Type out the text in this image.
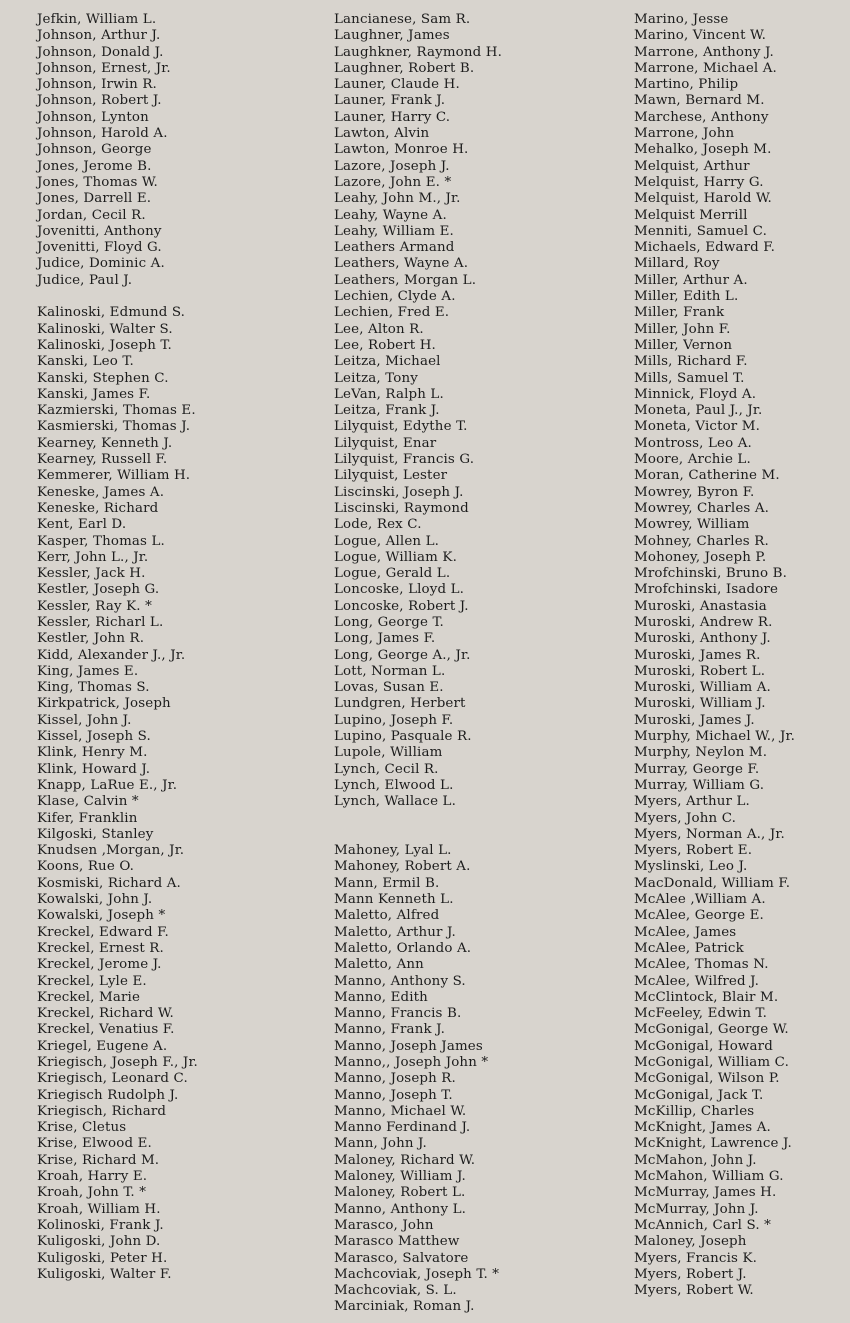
Jefkin, William L.
Johnson, Arthur J.
Johnson, Donald J.
Johnson, Ernest, Jr.
Johnson, Irwin R.
Johnson, Robert J.
Johnson, Lynton
Johnson, Harold A.
Johnson, George
Jones, Jerome B.
Jones, Thomas W.
Jones, Darrell E.
Jordan, Cecil R.
Jovenitti, Anthony
Jovenitti, Floyd G.
Judice, Dominic A.
Judice, Paul J.
Kalinoski, Edmund S.
Kalinoski, Walter S.
Kalinoski, Joseph T.
Kanski, Leo T.
Kanski, Stephen C.
Kanski, James F.
Kazmierski, Thomas E.
Kasmierski, Thomas J.
Kearney, Kenneth J.
Kearney, Russell F.
Kemmerer, William H.
Keneske, James A.
Keneske, Richard
Kent, Earl D.
Kasper, Thomas L.
Kerr, John L., Jr.
Kessler, Jack H.
Kestler, Joseph G.
Kessler, Ray K. *
Kessler, Richarl L.
Kestler, John R.
Kidd, Alexander J., Jr.
King, James E.
King, Thomas S.
Kirkpatrick, Joseph
Kissel, John J.
Kissel, Joseph S.
Klink, Henry M.
Klink, Howard J.
Knapp, LaRue E., Jr.
Klase, Calvin *
Kifer, Franklin
Kilgoski, Stanley
Knudsen ,Morgan, Jr.
Koons, Rue O.
Kosmiski, Richard A.
Kowalski, John J.
Kowalski, Joseph *
Kreckel, Edward F.
Kreckel, Ernest R.
Kreckel, Jerome J.
Kreckel, Lyle E.
Kreckel, Marie
Kreckel, Richard W.
Kreckel, Venatius F.
Kriegel, Eugene A.
Kriegisch, Joseph F., Jr.
Kriegisch, Leonard C.
Kriegisch Rudolph J.
Kriegisch, Richard
Krise, Cletus
Krise, Elwood E.
Krise, Richard M.
Kroah, Harry E.
Kroah, John T. *
Kroah, William H.
Kolinoski, Frank J.
Kuligoski, John D.
Kuligoski, Peter H.
Kuligoski, Walter F.
Lancianese, Sam R.
Laughner, James
Laughkner, Raymond H.
Laughner, Robert B.
Launer, Claude H.
Launer, Frank J.
Launer, Harry C.
Lawton, Alvin
Lawton, Monroe H.
Lazore, Joseph J.
Lazore, John E. *
Leahy, John M., Jr.
Leahy, Wayne A.
Leahy, William E.
Leathers Armand
Leathers, Wayne A.
Leathers, Morgan L.
Lechien, Clyde A.
Lechien, Fred E.
Lee, Alton R.
Lee, Robert H.
Leitza, Michael
Leitza, Tony
LeVan, Ralph L.
Leitza, Frank J.
Lilyquist, Edythe T.
Lilyquist, Enar
Lilyquist, Francis G.
Lilyquist, Lester
Liscinski, Joseph J.
Liscinski, Raymond
Lode, Rex C.
Logue, Allen L.
Logue, William K.
Logue, Gerald L.
Loncoske, Lloyd L.
Loncoske, Robert J.
Long, George T.
Long, James F.
Long, George A., Jr.
Lott, Norman L.
Lovas, Susan E.
Lundgren, Herbert
Lupino, Joseph F.
Lupino, Pasquale R.
Lupole, William
Lynch, Cecil R.
Lynch, Elwood L.
Lynch, Wallace L.
Mahoney, Lyal L.
Mahoney, Robert A.
Mann, Ermil B.
Mann Kenneth L.
Maletto, Alfred
Maletto, Arthur J.
Maletto, Orlando A.
Maletto, Ann
Manno, Anthony S.
Manno, Edith
Manno, Francis B.
Manno, Frank J.
Manno, Joseph James
Manno,, Joseph John *
Manno, Joseph R.
Manno, Joseph T.
Manno, Michael W.
Manno Ferdinand J.
Mann, John J.
Maloney, Richard W.
Maloney, William J.
Maloney, Robert L.
Manno, Anthony L.
Marasco, John
Marasco Matthew
Marasco, Salvatore
Machcoviak, Joseph T. *
Machcoviak, S. L.
Marciniak, Roman J.
Marino, Jesse
Marino, Vincent W.
Marrone, Anthony J.
Marrone, Michael A.
Martino, Philip
Mawn, Bernard M.
Marchese, Anthony
Marrone, John
Mehalko, Joseph M.
Melquist, Arthur
Melquist, Harry G.
Melquist, Harold W.
Melquist Merrill
Menniti, Samuel C.
Michaels, Edward F.
Millard, Roy
Miller, Arthur A.
Miller, Edith L.
Miller, Frank
Miller, John F.
Miller, Vernon
Mills, Richard F.
Mills, Samuel T.
Minnick, Floyd A.
Moneta, Paul J., Jr.
Moneta, Victor M.
Montross, Leo A.
Moore, Archie L.
Moran, Catherine M.
Mowrey, Byron F.
Mowrey, Charles A.
Mowrey, William
Mohney, Charles R.
Mohoney, Joseph P.
Mrofchinski, Bruno B.
Mrofchinski, Isadore
Muroski, Anastasia
Muroski, Andrew R.
Muroski, Anthony J.
Muroski, James R.
Muroski, Robert L.
Muroski, William A.
Muroski, William J.
Muroski, James J.
Murphy, Michael W., Jr.
Murphy, Neylon M.
Murray, George F.
Murray, William G.
Myers, Arthur L.
Myers, John C.
Myers, Norman A., Jr.
Myers, Robert E.
Myslinski, Leo J.
MacDonald, William F.
McAlee ,William A.
McAlee, George E.
McAlee, James
McAlee, Patrick
McAlee, Thomas N.
McAlee, Wilfred J.
McClintock, Blair M.
McFeeley, Edwin T.
McGonigal, George W.
McGonigal, Howard
McGonigal, William C.
McGonigal, Wilson P.
McGonigal, Jack T.
McKillip, Charles
McKnight, James A.
McKnight, Lawrence J.
McMahon, John J.
McMahon, William G.
McMurray, James H.
McMurray, John J.
McAnnich, Carl S. *
Maloney, Joseph
Myers, Francis K.
Myers, Robert J.
Myers, Robert W.
